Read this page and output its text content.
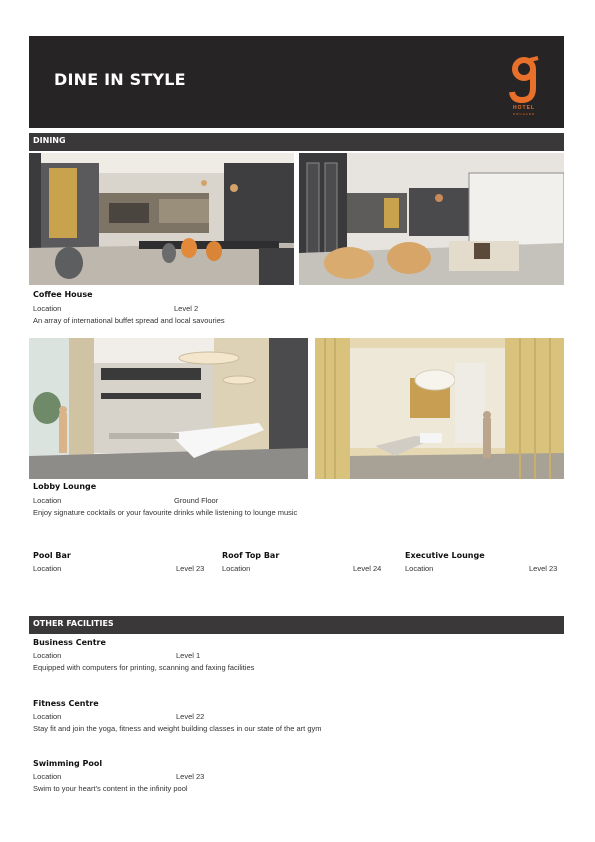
DINE IN STYLE
HOTEL
ORCHARD
DINING
Coffee House
Location	Level 2
An array of international buffet spread and local savouries
Lobby Lounge
Location	Ground Floor
Enjoy signature cocktails or your favourite drinks while listening to lounge music
Pool Bar
Location	Level 23
Roof Top Bar
Location	Level 24
Executive Lounge
Location	Level 23
OTHER FACILITIES
Business Centre
Location	Level 1
Equipped with computers for printing, scanning and faxing facilities
Fitness Centre
Location	Level 22
Stay fit and join the yoga, fitness and weight building classes in our state of the art gym
Swimming Pool
Location	Level 23
Swim to your heart’s content in the infinity pool
